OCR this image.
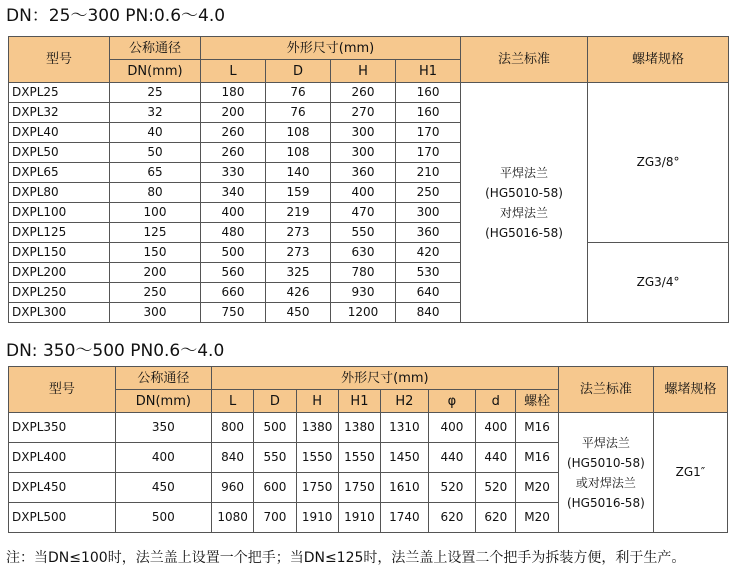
DN：25～300 PN:0.6～4.0
型号	公称通径	外形尺寸(mm)				法兰标准	螺堵规格
	DN(mm)	L	D	H	H1		
DXPL25	25	180	76	260	160	平焊法兰
(HG5010-58)
对焊法兰
(HG5016-58)	ZG3/8°
DXPL32	32	200	76	270	160		
DXPL40	40	260	108	300	170		
DXPL50	50	260	108	300	170		
DXPL65	65	330	140	360	210		
DXPL80	80	340	159	400	250		
DXPL100	100	400	219	470	300		
DXPL125	125	480	273	550	360		
DXPL150	150	500	273	630	420		ZG3/4°
DXPL200	200	560	325	780	530		
DXPL250	250	660	426	930	640		
DXPL300	300	750	450	1200	840		
DN: 350～500 PN0.6～4.0
型号	公称通径	外形尺寸(mm)								法兰标准	螺堵规格
	DN(mm)	L	D	H	H1	H2	φ	d	螺栓		
DXPL350	350	800	500	1380	1380	1310	400	400	M16	平焊法兰
(HG5010-58)
或对焊法兰
(HG5016-58)	ZG1″
DXPL400	400	840	550	1550	1550	1450	440	440	M16		
DXPL450	450	960	600	1750	1750	1610	520	520	M20		
DXPL500	500	1080	700	1910	1910	1740	620	620	M20		
注：当DN≤100时，法兰盖上设置一个把手；当DN≤125时，法兰盖上设置二个把手为拆装方便，利于生产。
